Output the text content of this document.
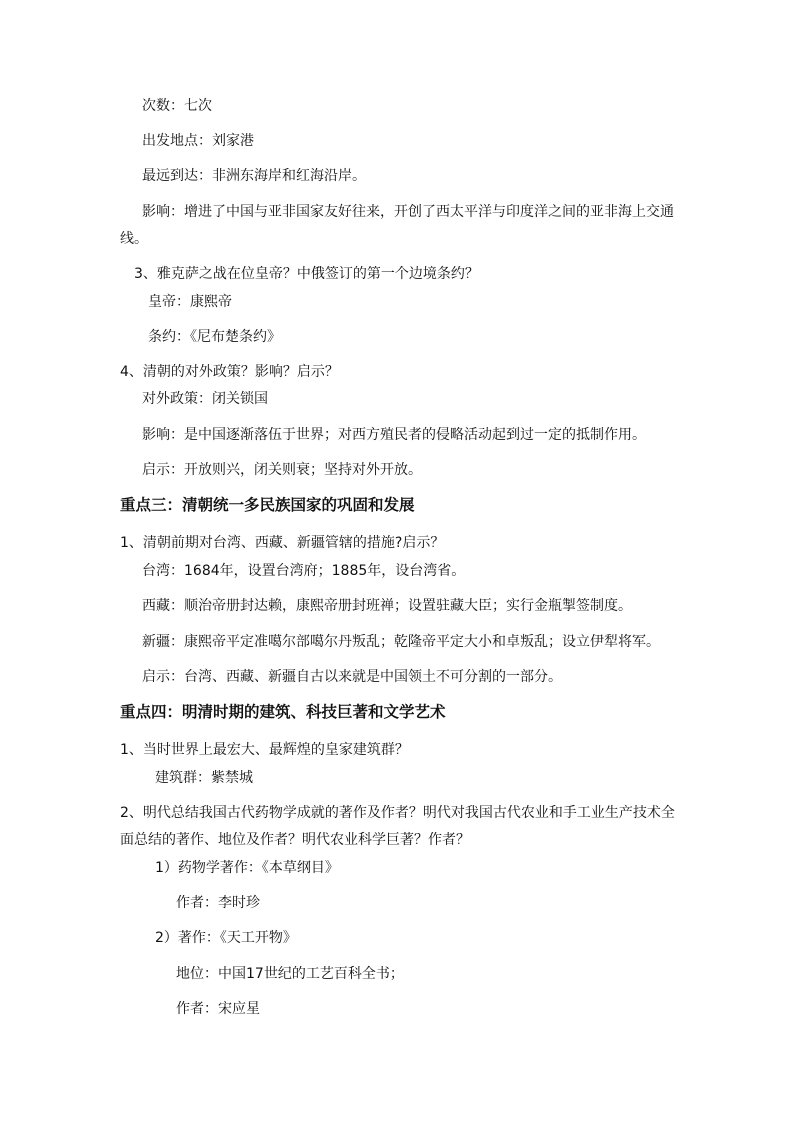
次数：七次
出发地点：刘家港
最远到达：非洲东海岸和红海沿岸。
影响：增进了中国与亚非国家友好往来，开创了西太平洋与印度洋之间的亚非海上交通
线。
3、雅克萨之战在位皇帝？中俄签订的第一个边境条约？
皇帝：康熙帝
条约：《尼布楚条约》
4、清朝的对外政策？影响？启示？
对外政策：闭关锁国
影响：是中国逐渐落伍于世界；对西方殖民者的侵略活动起到过一定的抵制作用。
启示：开放则兴，闭关则衰；坚持对外开放。
重点三：清朝统一多民族国家的巩固和发展
1、清朝前期对台湾、西藏、新疆管辖的措施?启示？
台湾：1684年，设置台湾府；1885年，设台湾省。
西藏：顺治帝册封达赖，康熙帝册封班禅；设置驻藏大臣；实行金瓶掣签制度。
新疆：康熙帝平定准噶尔部噶尔丹叛乱；乾隆帝平定大小和卓叛乱；设立伊犁将军。
启示：台湾、西藏、新疆自古以来就是中国领土不可分割的一部分。
重点四：明清时期的建筑、科技巨著和文学艺术
1、当时世界上最宏大、最辉煌的皇家建筑群？
建筑群：紫禁城
2、明代总结我国古代药物学成就的著作及作者？明代对我国古代农业和手工业生产技术全
面总结的著作、地位及作者？明代农业科学巨著？作者？
1）药物学著作：《本草纲目》
作者：李时珍
2）著作：《天工开物》
地位：中国17世纪的工艺百科全书；
作者：宋应星
